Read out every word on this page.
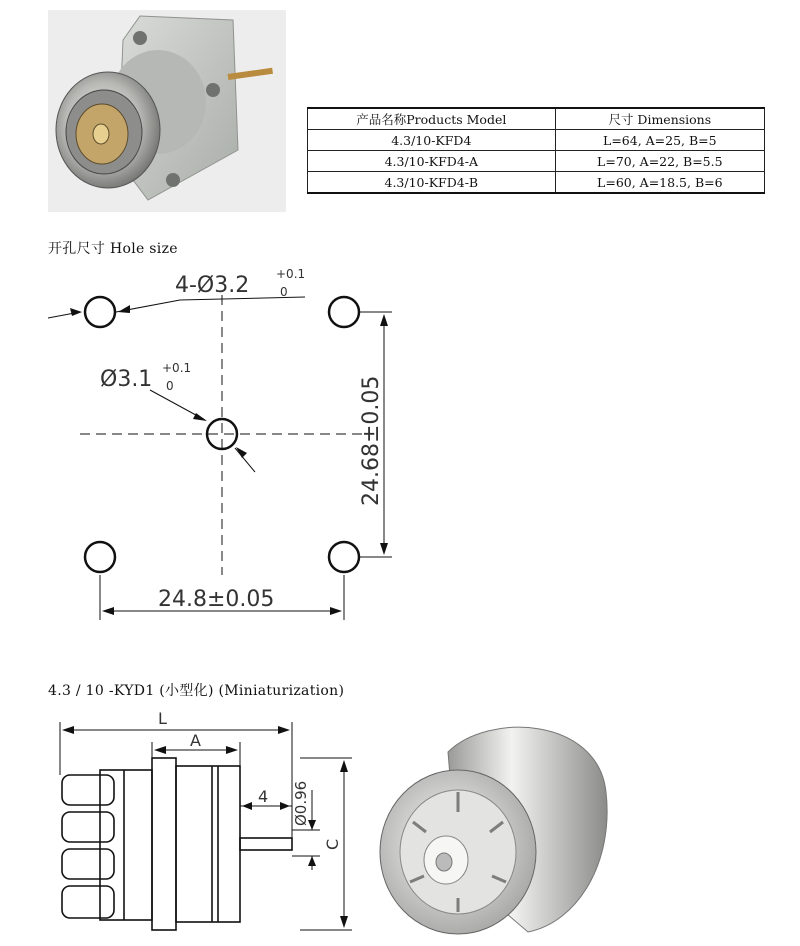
产品名称Products Model	尺寸 Dimensions
4.3/10-KFD4	L=64, A=25, B=5
4.3/10-KFD4-A	L=70, A=22, B=5.5
4.3/10-KFD4-B	L=60, A=18.5, B=6
开孔尺寸 Hole size
4-Ø3.2 +0.1
0
Ø3.1 +0.1
0	24.68±0.05
24.8±0.05
4.3 / 10 -KYD1 (小型化) (Miniaturization)
L
A
4 Ø0.96
C
